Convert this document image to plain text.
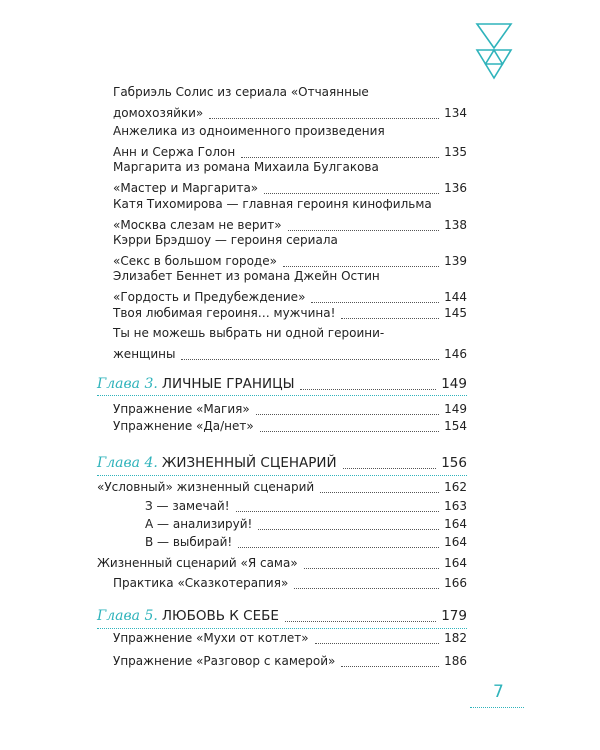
Габриэль Солис из сериала «Отчаянные
домохозяйки»	134
Анжелика из одноименного произведения
Анн и Сержа Голон	135
Маргарита из романа Михаила Булгакова
«Мастер и Маргарита»	136
Катя Тихомирова — главная героиня кинофильма
«Москва слезам не верит»	138
Кэрри Брэдшоу — героиня сериала
«Секс в большом городе»	139
Элизабет Беннет из романа Джейн Остин
«Гордость и Предубеждение»	144
Твоя любимая героиня… мужчина!	145
Ты не можешь выбрать ни одной героини-
женщины	146
Глава 3. ЛИЧНЫЕ ГРАНИЦЫ	149
Упражнение «Магия»	149
Упражнение «Да/нет»	154
Глава 4. ЖИЗНЕННЫЙ СЦЕНАРИЙ	156
«Условный» жизненный сценарий	162
З — замечай!	163
А — анализируй!	164
В — выбирай!	164
Жизненный сценарий «Я сама»	164
Практика «Сказкотерапия»	166
Глава 5. ЛЮБОВЬ К СЕБЕ	179
Упражнение «Мухи от котлет»	182
Упражнение «Разговор с камерой»	186
7
